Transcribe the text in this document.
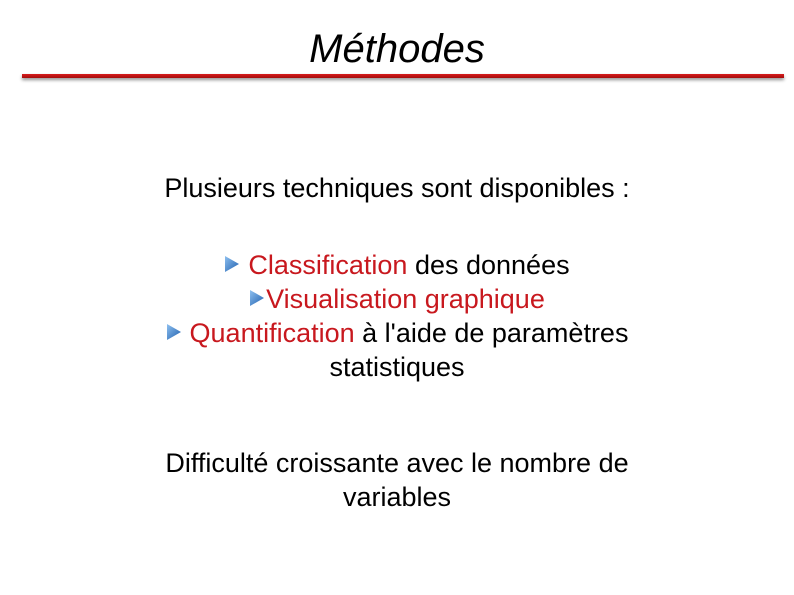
Méthodes
Plusieurs techniques sont disponibles :
Classification des données
Visualisation graphique
Quantification à l'aide de paramètres
statistiques
Difficulté croissante avec le nombre de
variables
